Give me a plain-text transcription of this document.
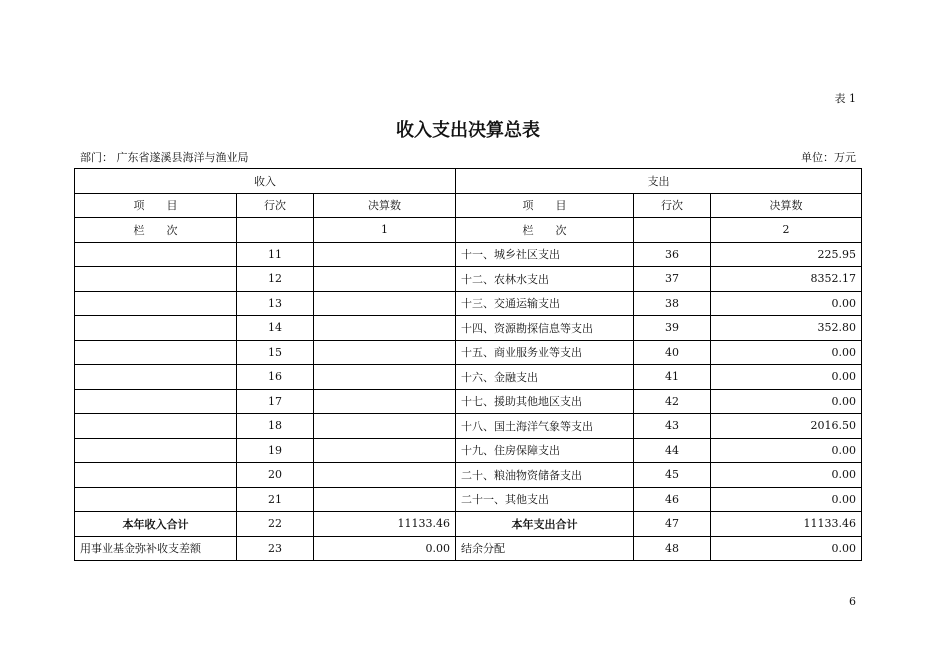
表 1
收入支出决算总表
部门： 广东省遂溪县海洋与渔业局	单位：万元
收入			支出		
项　　目	行次	决算数	项　　目	行次	决算数
栏　　次		1	栏　　次		2
	11		十一、城乡社区支出	36	225.95
	12		十二、农林水支出	37	8352.17
	13		十三、交通运输支出	38	0.00
	14		十四、资源勘探信息等支出	39	352.80
	15		十五、商业服务业等支出	40	0.00
	16		十六、金融支出	41	0.00
	17		十七、援助其他地区支出	42	0.00
	18		十八、国土海洋气象等支出	43	2016.50
	19		十九、住房保障支出	44	0.00
	20		二十、粮油物资储备支出	45	0.00
	21		二十一、其他支出	46	0.00
本年收入合计	22	11133.46	本年支出合计	47	11133.46
用事业基金弥补收支差额	23	0.00	结余分配	48	0.00
6
